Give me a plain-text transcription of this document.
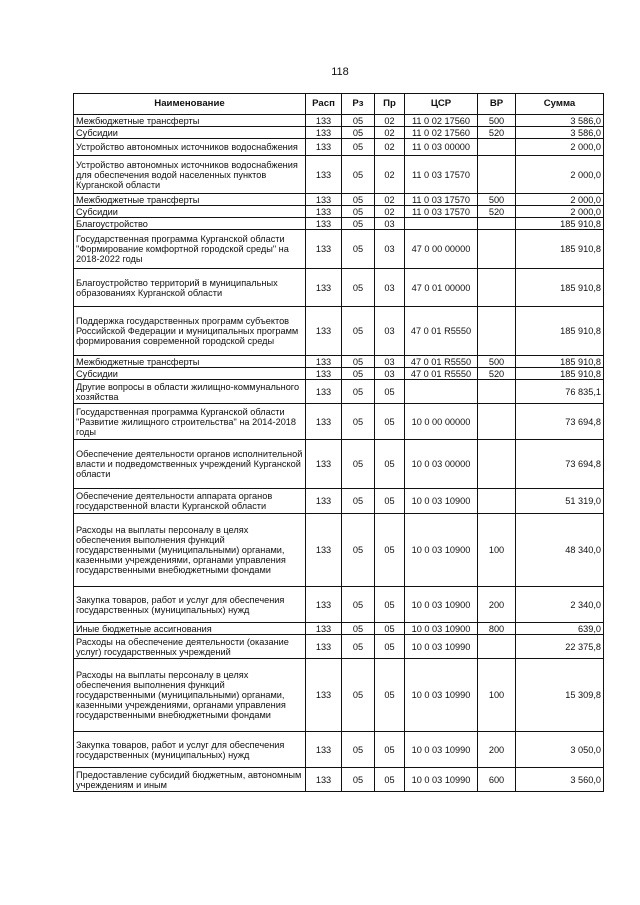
118
Наименование	Расп	Рз	Пр	ЦСР	ВР	Сумма
Межбюджетные трансферты	133	05	02	11 0 02 17560	500	3 586,0
Субсидии	133	05	02	11 0 02 17560	520	3 586,0
Устройство автономных источников водоснабжения	133	05	02	11 0 03 00000		2 000,0
Устройство автономных источников водоснабжения для обеспечения водой населенных пунктов Курганской области	133	05	02	11 0 03 17570		2 000,0
Межбюджетные трансферты	133	05	02	11 0 03 17570	500	2 000,0
Субсидии	133	05	02	11 0 03 17570	520	2 000,0
Благоустройство	133	05	03			185 910,8
Государственная программа Курганской области "Формирование комфортной городской среды" на 2018-2022 годы	133	05	03	47 0 00 00000		185 910,8
Благоустройство территорий в муниципальных образованиях Курганской области	133	05	03	47 0 01 00000		185 910,8
Поддержка государственных программ субъектов Российской Федерации и муниципальных программ формирования современной городской среды	133	05	03	47 0 01 R5550		185 910,8
Межбюджетные трансферты	133	05	03	47 0 01 R5550	500	185 910,8
Субсидии	133	05	03	47 0 01 R5550	520	185 910,8
Другие вопросы в области жилищно-коммунального хозяйства	133	05	05			76 835,1
Государственная программа Курганской области "Развитие жилищного строительства" на 2014-2018 годы	133	05	05	10 0 00 00000		73 694,8
Обеспечение деятельности органов исполнительной власти и подведомственных учреждений Курганской области	133	05	05	10 0 03 00000		73 694,8
Обеспечение деятельности аппарата органов государственной власти Курганской области	133	05	05	10 0 03 10900		51 319,0
Расходы на выплаты персоналу в целях обеспечения выполнения функций государственными (муниципальными) органами, казенными учреждениями, органами управления государственными внебюджетными фондами	133	05	05	10 0 03 10900	100	48 340,0
Закупка товаров, работ и услуг для обеспечения государственных (муниципальных) нужд	133	05	05	10 0 03 10900	200	2 340,0
Иные бюджетные ассигнования	133	05	05	10 0 03 10900	800	639,0
Расходы на обеспечение деятельности (оказание услуг) государственных учреждений	133	05	05	10 0 03 10990		22 375,8
Расходы на выплаты персоналу в целях обеспечения выполнения функций государственными (муниципальными) органами, казенными учреждениями, органами управления государственными внебюджетными фондами	133	05	05	10 0 03 10990	100	15 309,8
Закупка товаров, работ и услуг для обеспечения государственных (муниципальных) нужд	133	05	05	10 0 03 10990	200	3 050,0
Предоставление субсидий бюджетным, автономным учреждениям и иным	133	05	05	10 0 03 10990	600	3 560,0
